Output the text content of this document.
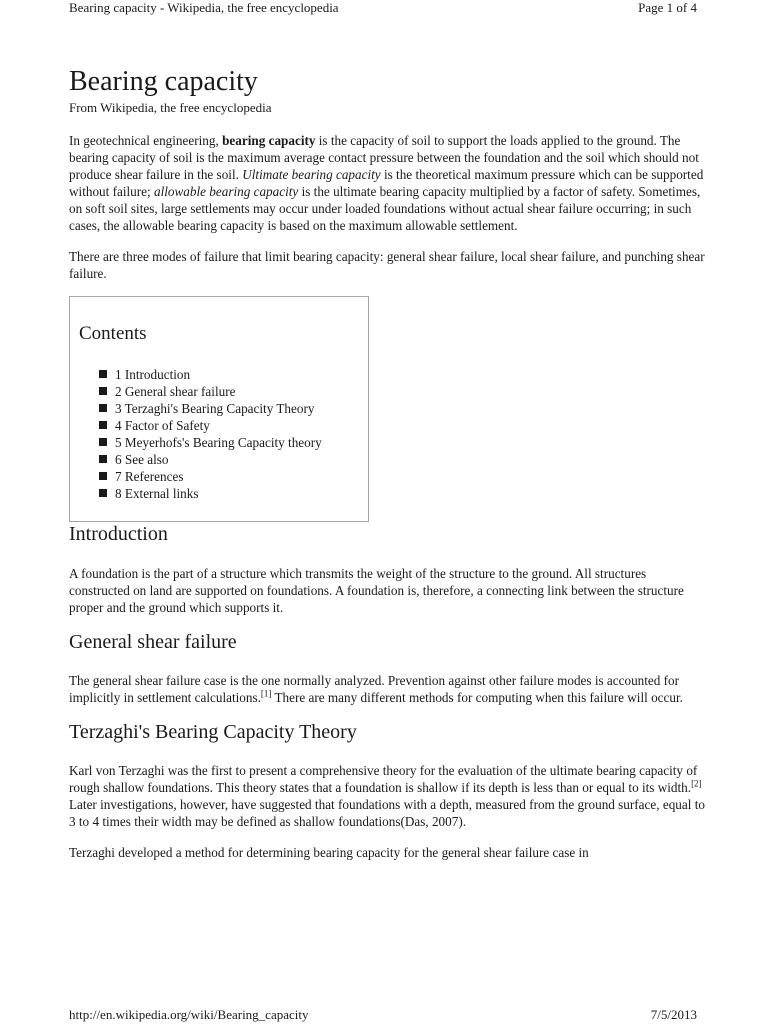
Bearing capacity - Wikipedia, the free encyclopedia	Page 1 of 4
Bearing capacity
From Wikipedia, the free encyclopedia

In geotechnical engineering, bearing capacity is the capacity of soil to support the loads applied to the ground. The bearing capacity of soil is the maximum average contact pressure between the foundation and the soil which should not produce shear failure in the soil. Ultimate bearing capacity is the theoretical maximum pressure which can be supported without failure; allowable bearing capacity is the ultimate bearing capacity multiplied by a factor of safety. Sometimes, on soft soil sites, large settlements may occur under loaded foundations without actual shear failure occurring; in such cases, the allowable bearing capacity is based on the maximum allowable settlement.

There are three modes of failure that limit bearing capacity: general shear failure, local shear failure, and punching shear failure.

Contents
1 Introduction
2 General shear failure
3 Terzaghi's Bearing Capacity Theory
4 Factor of Safety
5 Meyerhofs's Bearing Capacity theory
6 See also
7 References
8 External links
Introduction

A foundation is the part of a structure which transmits the weight of the structure to the ground. All structures constructed on land are supported on foundations. A foundation is, therefore, a connecting link between the structure proper and the ground which supports it.

General shear failure

The general shear failure case is the one normally analyzed. Prevention against other failure modes is accounted for implicitly in settlement calculations.[1] There are many different methods for computing when this failure will occur.

Terzaghi's Bearing Capacity Theory

Karl von Terzaghi was the first to present a comprehensive theory for the evaluation of the ultimate bearing capacity of rough shallow foundations. This theory states that a foundation is shallow if its depth is less than or equal to its width.[2] Later investigations, however, have suggested that foundations with a depth, measured from the ground surface, equal to 3 to 4 times their width may be defined as shallow foundations(Das, 2007).

Terzaghi developed a method for determining bearing capacity for the general shear failure case in

http://en.wikipedia.org/wiki/Bearing_capacity	7/5/2013
